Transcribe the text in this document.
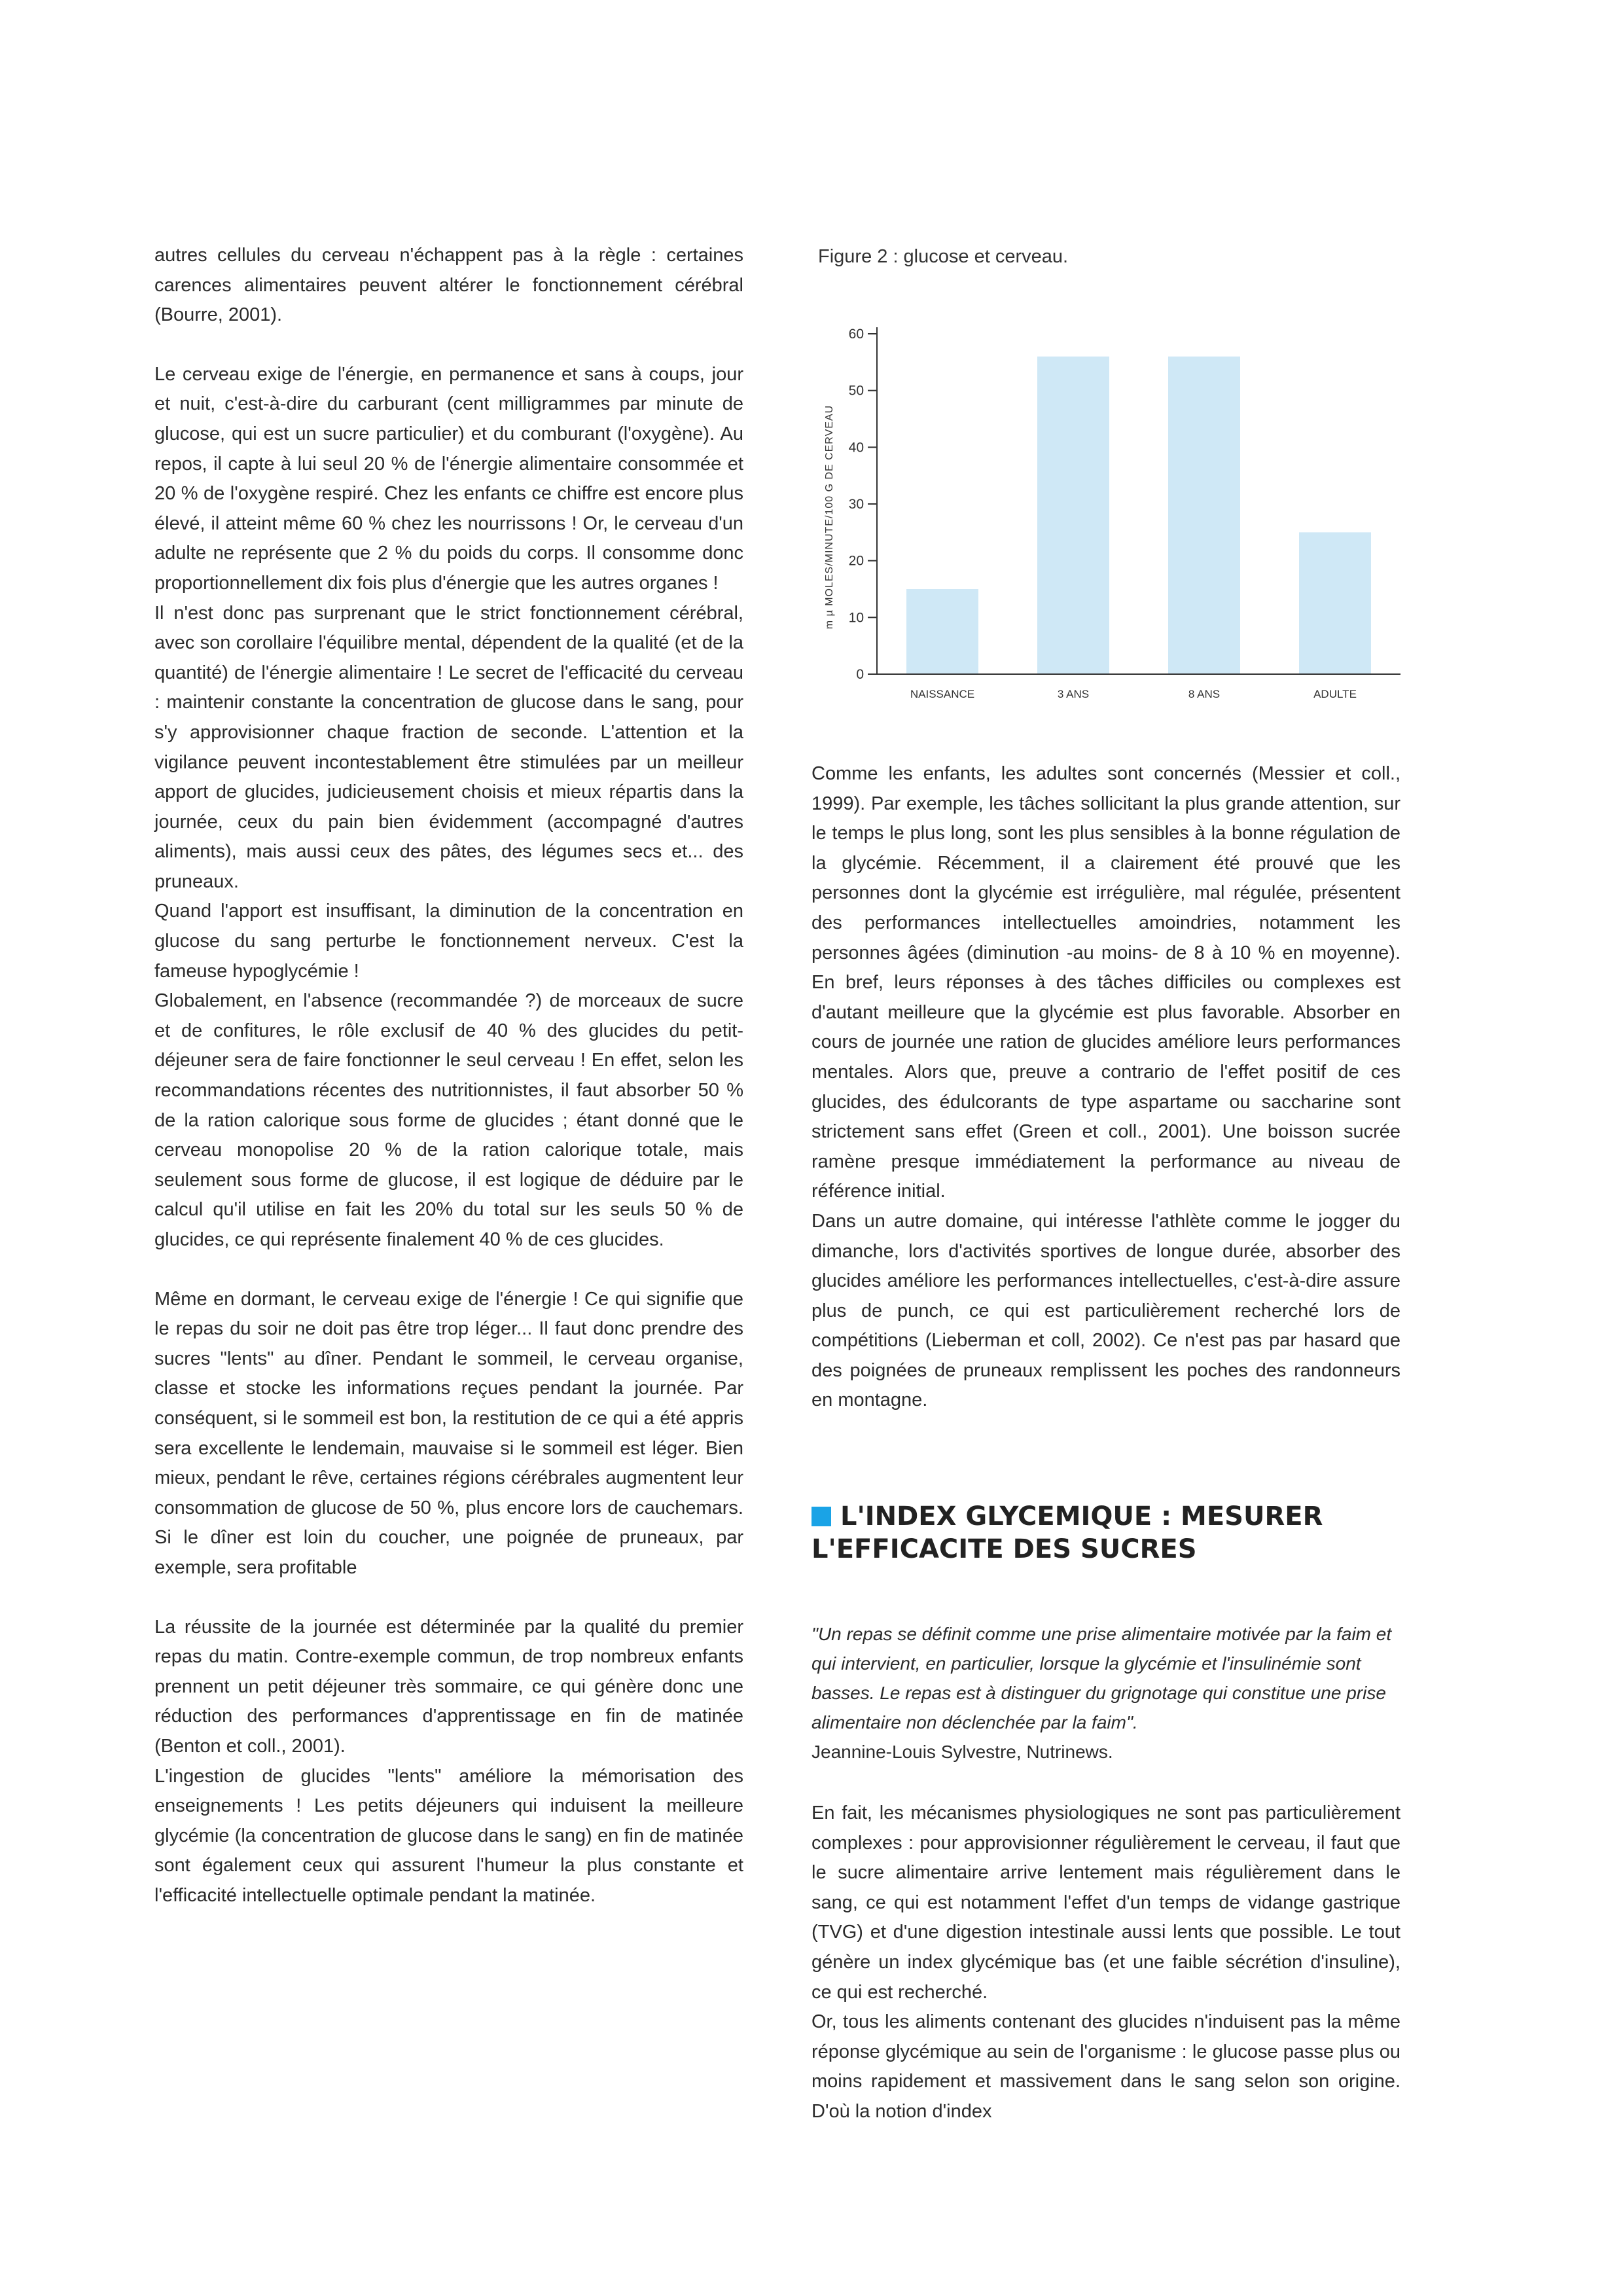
autres cellules du cerveau n'échappent pas à la règle : certaines carences alimentaires peuvent altérer le fonctionnement cérébral (Bourre, 2001).

Le cerveau exige de l'énergie, en permanence et sans à coups, jour et nuit, c'est-à-dire du carburant (cent milligrammes par minute de glucose, qui est un sucre particulier) et du comburant (l'oxygène). Au repos, il capte à lui seul 20 % de l'énergie alimentaire consommée et 20 % de l'oxygène respiré. Chez les enfants ce chiffre est encore plus élevé, il atteint même 60 % chez les nourrissons ! Or, le cerveau d'un adulte ne représente que 2 % du poids du corps. Il consomme donc proportionnellement dix fois plus d'énergie que les autres organes !

Il n'est donc pas surprenant que le strict fonctionnement cérébral, avec son corollaire l'équilibre mental, dépendent de la qualité (et de la quantité) de l'énergie alimentaire ! Le secret de l'efficacité du cerveau : maintenir constante la concentration de glucose dans le sang, pour s'y approvisionner chaque fraction de seconde. L'attention et la vigilance peuvent incontestablement être stimulées par un meilleur apport de glucides, judicieusement choisis et mieux répartis dans la journée, ceux du pain bien évidemment (accompagné d'autres aliments), mais aussi ceux des pâtes, des légumes secs et... des pruneaux.

Quand l'apport est insuffisant, la diminution de la concentration en glucose du sang perturbe le fonctionnement nerveux. C'est la fameuse hypoglycémie !

Globalement, en l'absence (recommandée ?) de morceaux de sucre et de confitures, le rôle exclusif de 40 % des glucides du petit-déjeuner sera de faire fonctionner le seul cerveau ! En effet, selon les recommandations récentes des nutritionnistes, il faut absorber 50 % de la ration calorique sous forme de glucides ; étant donné que le cerveau monopolise 20 % de la ration calorique totale, mais seulement sous forme de glucose, il est logique de déduire par le calcul qu'il utilise en fait les 20% du total sur les seuls 50 % de glucides, ce qui représente finalement 40 % de ces glucides.

Même en dormant, le cerveau exige de l'énergie ! Ce qui signifie que le repas du soir ne doit pas être trop léger... Il faut donc prendre des sucres "lents" au dîner. Pendant le sommeil, le cerveau organise, classe et stocke les informations reçues pendant la journée. Par conséquent, si le sommeil est bon, la restitution de ce qui a été appris sera excellente le lendemain, mauvaise si le sommeil est léger. Bien mieux, pendant le rêve, certaines régions cérébrales augmentent leur consommation de glucose de 50 %, plus encore lors de cauchemars. Si le dîner est loin du coucher, une poignée de pruneaux, par exemple, sera profitable

La réussite de la journée est déterminée par la qualité du premier repas du matin. Contre-exemple commun, de trop nombreux enfants prennent un petit déjeuner très sommaire, ce qui génère donc une réduction des performances d'apprentissage en fin de matinée (Benton et coll., 2001).

L'ingestion de glucides "lents" améliore la mémorisation des enseignements ! Les petits déjeuners qui induisent la meilleure glycémie (la concentration de glucose dans le sang) en fin de matinée sont également ceux qui assurent l'humeur la plus constante et l'efficacité intellectuelle optimale pendant la matinée.

Figure 2 : glucose et cerveau.
m µ MOLES/MINUTE/100 G DE CERVEAU
0
10
20
30
40
50
60
NAISSANCE	3 ANS	8 ANS	ADULTE

Comme les enfants, les adultes sont concernés (Messier et coll., 1999). Par exemple, les tâches sollicitant la plus grande attention, sur le temps le plus long, sont les plus sensibles à la bonne régulation de la glycémie. Récemment, il a clairement été prouvé que les personnes dont la glycémie est irrégulière, mal régulée, présentent des performances intellectuelles amoindries, notamment les personnes âgées (diminution -au moins- de 8 à 10 % en moyenne). En bref, leurs réponses à des tâches difficiles ou complexes est d'autant meilleure que la glycémie est plus favorable. Absorber en cours de journée une ration de glucides améliore leurs performances mentales. Alors que, preuve a contrario de l'effet positif de ces glucides, des édulcorants de type aspartame ou saccharine sont strictement sans effet (Green et coll., 2001). Une boisson sucrée ramène presque immédiatement la performance au niveau de référence initial.

Dans un autre domaine, qui intéresse l'athlète comme le jogger du dimanche, lors d'activités sportives de longue durée, absorber des glucides améliore les performances intellectuelles, c'est-à-dire assure plus de punch, ce qui est particulièrement recherché lors de compétitions (Lieberman et coll, 2002). Ce n'est pas par hasard que des poignées de pruneaux remplissent les poches des randonneurs en montagne.

L'INDEX GLYCEMIQUE : MESURER
L'EFFICACITE DES SUCRES

"Un repas se définit comme une prise alimentaire motivée par la faim et qui intervient, en particulier, lorsque la glycémie et l'insulinémie sont basses. Le repas est à distinguer du grignotage qui constitue une prise alimentaire non déclenchée par la faim".

Jeannine-Louis Sylvestre, Nutrinews.

En fait, les mécanismes physiologiques ne sont pas particulièrement complexes : pour approvisionner régulièrement le cerveau, il faut que le sucre alimentaire arrive lentement mais régulièrement dans le sang, ce qui est notamment l'effet d'un temps de vidange gastrique (TVG) et d'une digestion intestinale aussi lents que possible. Le tout génère un index glycémique bas (et une faible sécrétion d'insuline), ce qui est recherché.

Or, tous les aliments contenant des glucides n'induisent pas la même réponse glycémique au sein de l'organisme : le glucose passe plus ou moins rapidement et massivement dans le sang selon son origine. D'où la notion d'index
